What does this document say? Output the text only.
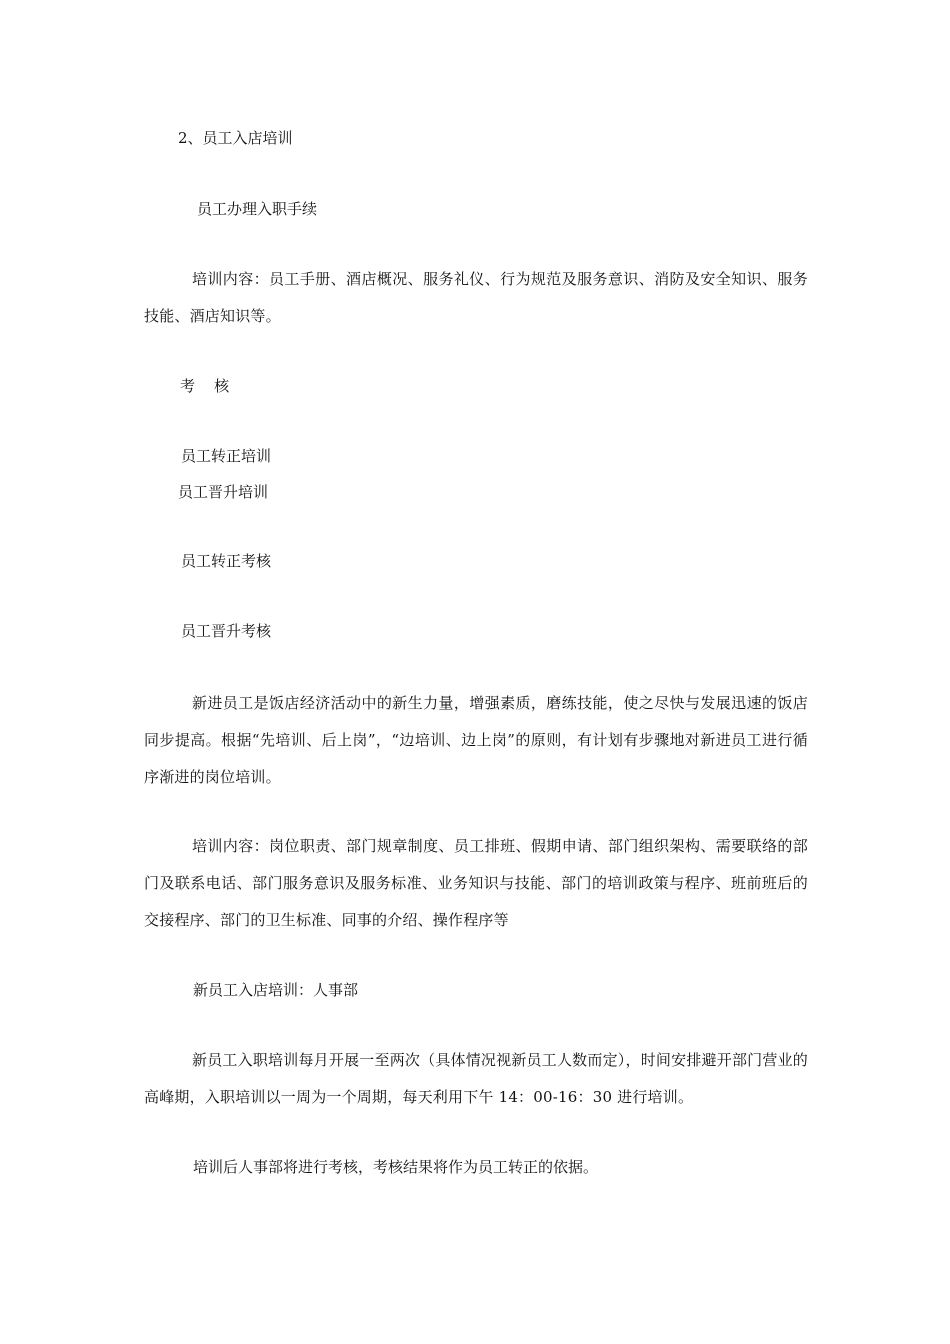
2、员工入店培训
员工办理入职手续
培训内容：员工手册、酒店概况、服务礼仪、行为规范及服务意识、消防及安全知识、服务技能、酒店知识等。
考    核
员工转正培训
员工晋升培训
员工转正考核
员工晋升考核
新进员工是饭店经济活动中的新生力量，增强素质，磨练技能，使之尽快与发展迅速的饭店同步提高。根据“先培训、后上岗”，“边培训、边上岗”的原则，有计划有步骤地对新进员工进行循序渐进的岗位培训。
培训内容：岗位职责、部门规章制度、员工排班、假期申请、部门组织架构、需要联络的部门及联系电话、部门服务意识及服务标准、业务知识与技能、部门的培训政策与程序、班前班后的交接程序、部门的卫生标准、同事的介绍、操作程序等
新员工入店培训：人事部
新员工入职培训每月开展一至两次（具体情况视新员工人数而定），时间安排避开部门营业的高峰期，入职培训以一周为一个周期，每天利用下午 14：00-16：30 进行培训。
培训后人事部将进行考核，考核结果将作为员工转正的依据。
